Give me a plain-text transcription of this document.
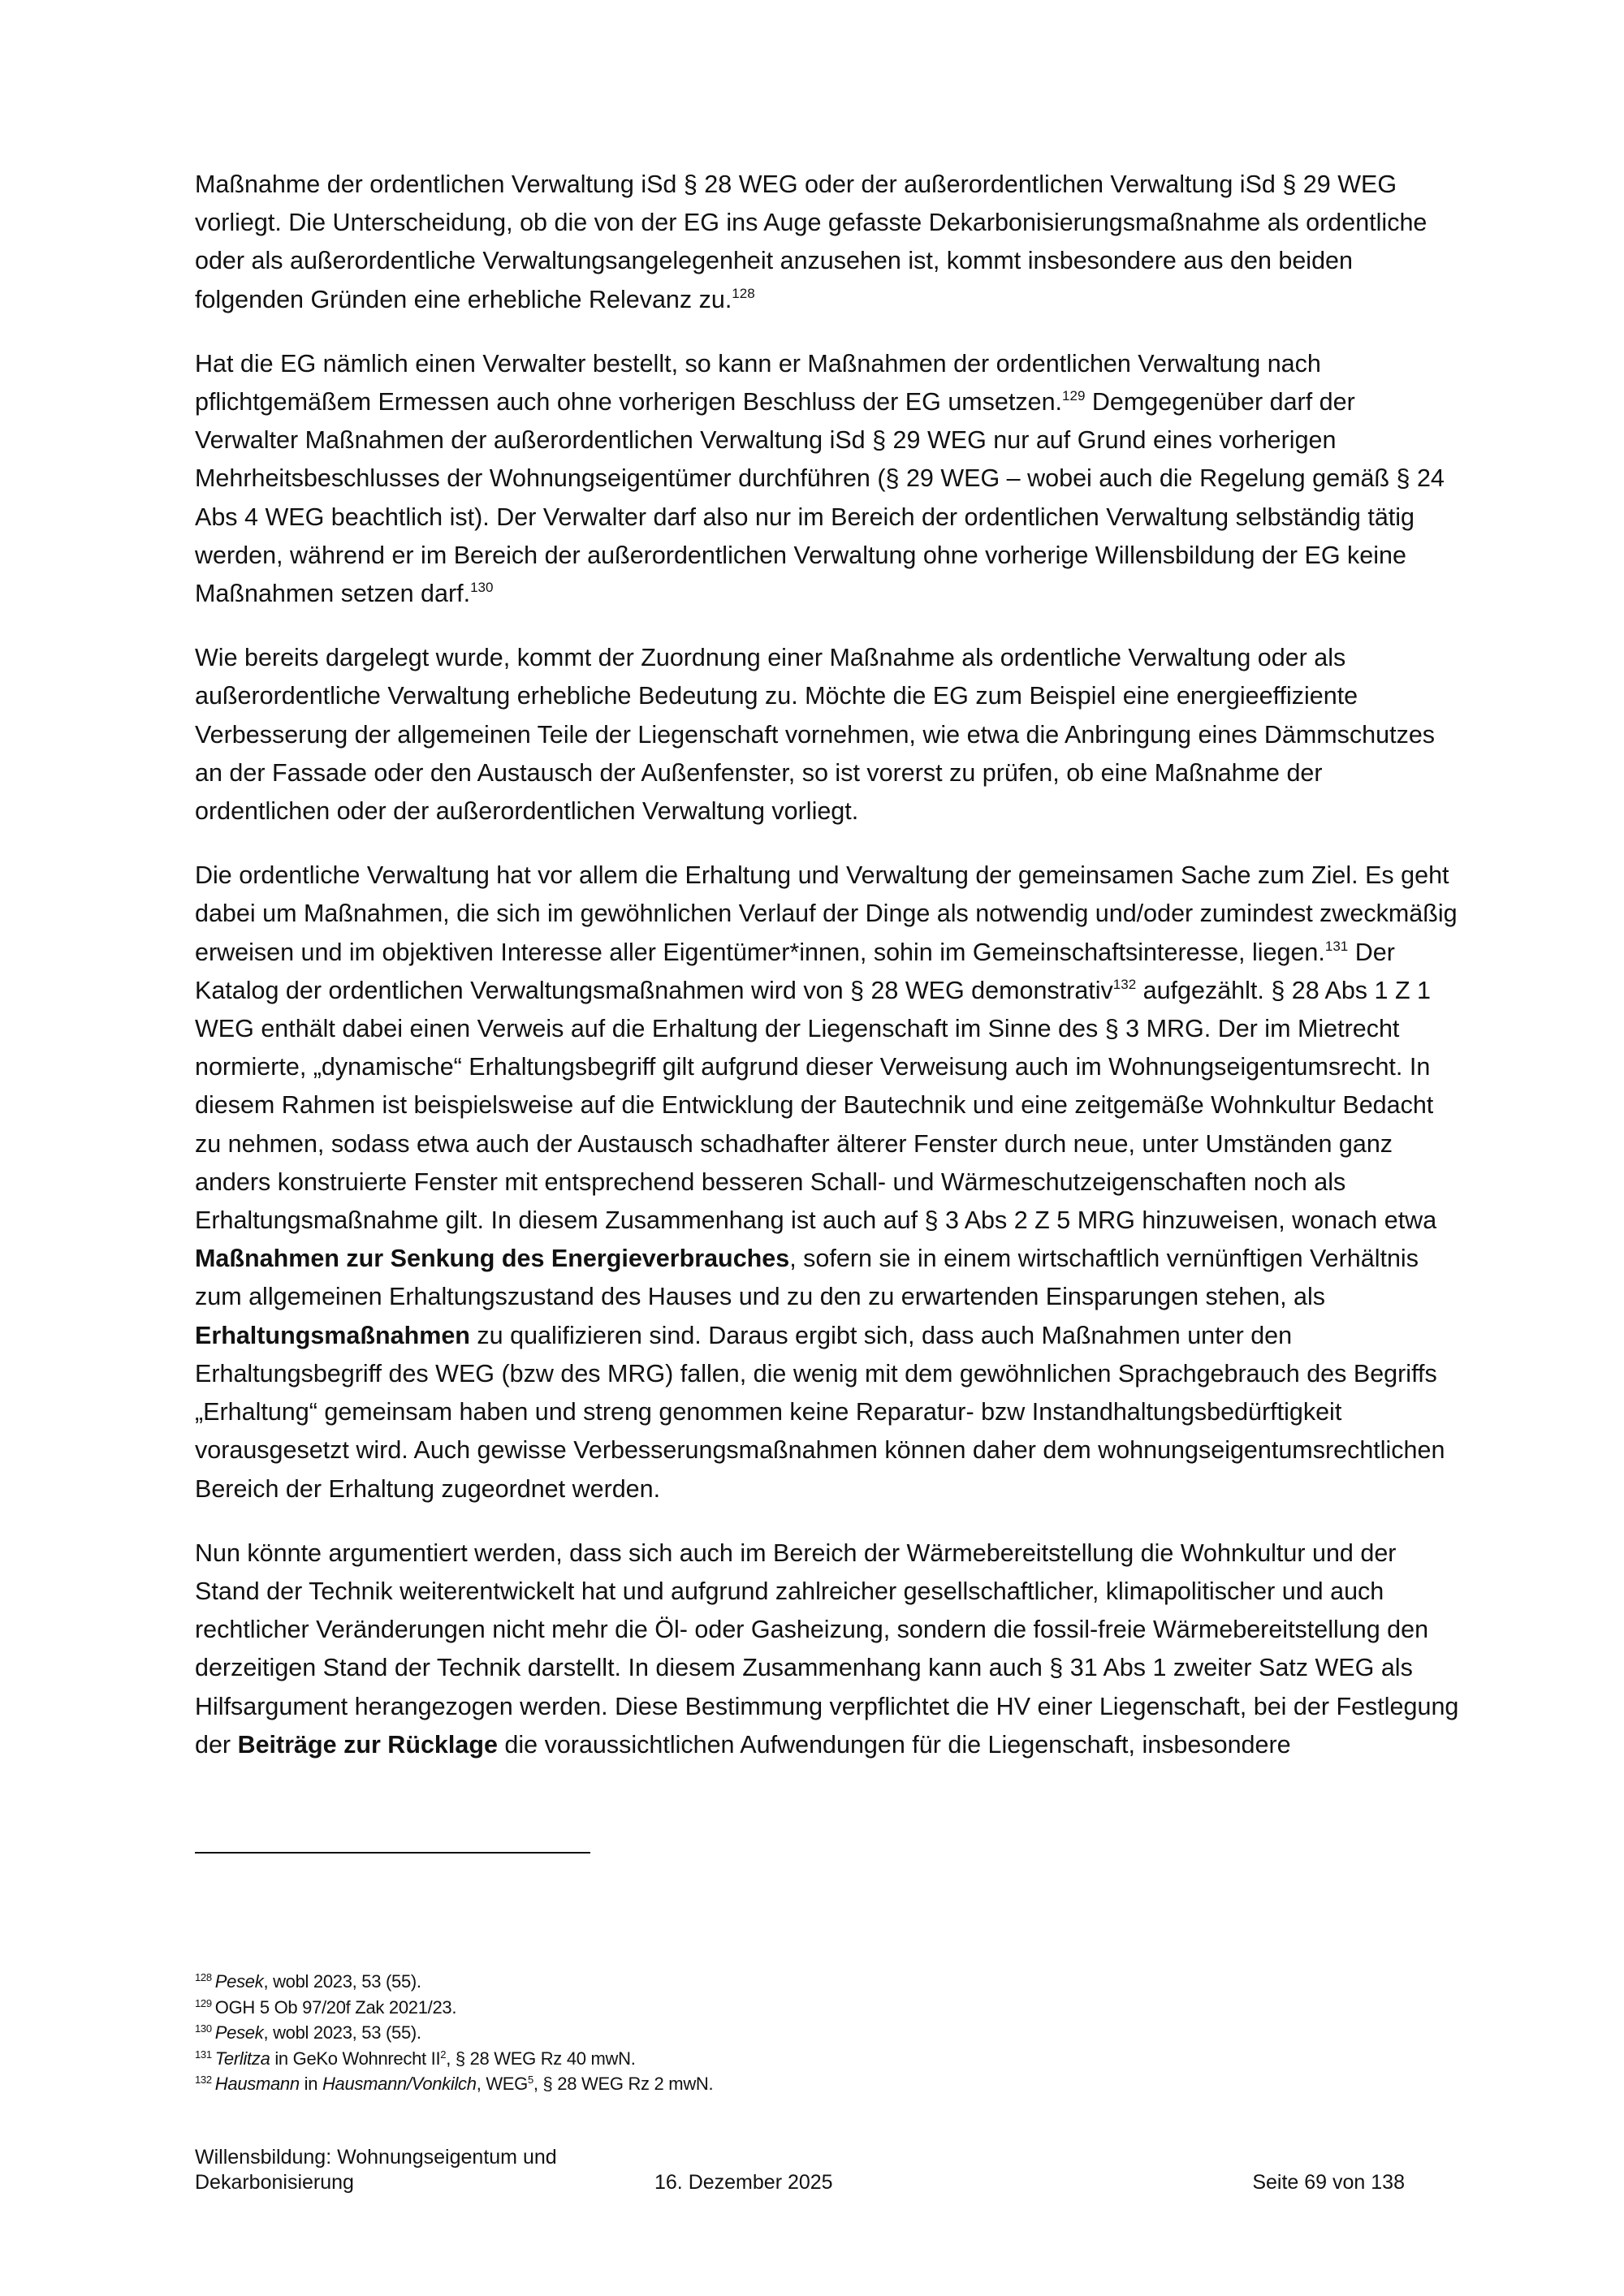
Maßnahme der ordentlichen Verwaltung iSd § 28 WEG oder der außerordentlichen Verwaltung iSd § 29 WEG vorliegt. Die Unterscheidung, ob die von der EG ins Auge gefasste Dekarbonisierungsmaßnahme als ordentliche oder als außerordentliche Verwaltungsangelegenheit anzusehen ist, kommt insbesondere aus den beiden folgenden Gründen eine erhebliche Relevanz zu.$^{128}$

Hat die EG nämlich einen Verwalter bestellt, so kann er Maßnahmen der ordentlichen Verwaltung nach pflichtgemäßem Ermessen auch ohne vorherigen Beschluss der EG umsetzen.$^{129}$ Demgegenüber darf der Verwalter Maßnahmen der außerordentlichen Verwaltung iSd § 29 WEG nur auf Grund eines vorherigen Mehrheitsbeschlusses der Wohnungseigentümer durchführen (§ 29 WEG – wobei auch die Regelung gemäß § 24 Abs 4 WEG beachtlich ist). Der Verwalter darf also nur im Bereich der ordentlichen Verwaltung selbständig tätig werden, während er im Bereich der außerordentlichen Verwaltung ohne vorherige Willensbildung der EG keine Maßnahmen setzen darf.$^{130}$

Wie bereits dargelegt wurde, kommt der Zuordnung einer Maßnahme als ordentliche Verwaltung oder als außerordentliche Verwaltung erhebliche Bedeutung zu. Möchte die EG zum Beispiel eine energieeffiziente Verbesserung der allgemeinen Teile der Liegenschaft vornehmen, wie etwa die Anbringung eines Dämmschutzes an der Fassade oder den Austausch der Außenfenster, so ist vorerst zu prüfen, ob eine Maßnahme der ordentlichen oder der außerordentlichen Verwaltung vorliegt.

Die ordentliche Verwaltung hat vor allem die Erhaltung und Verwaltung der gemeinsamen Sache zum Ziel. Es geht dabei um Maßnahmen, die sich im gewöhnlichen Verlauf der Dinge als notwendig und/oder zumindest zweckmäßig erweisen und im objektiven Interesse aller Eigentümer*innen, sohin im Gemeinschaftsinteresse, liegen.$^{131}$ Der Katalog der ordentlichen Verwaltungsmaßnahmen wird von § 28 WEG demonstrativ$^{132}$ aufgezählt. § 28 Abs 1 Z 1 WEG enthält dabei einen Verweis auf die Erhaltung der Liegenschaft im Sinne des § 3 MRG. Der im Mietrecht normierte, „dynamische“ Erhaltungsbegriff gilt aufgrund dieser Verweisung auch im Wohnungseigentumsrecht. In diesem Rahmen ist beispielsweise auf die Entwicklung der Bautechnik und eine zeitgemäße Wohnkultur Bedacht zu nehmen, sodass etwa auch der Austausch schadhafter älterer Fenster durch neue, unter Umständen ganz anders konstruierte Fenster mit entsprechend besseren Schall- und Wärmeschutzeigenschaften noch als Erhaltungsmaßnahme gilt. In diesem Zusammenhang ist auch auf § 3 Abs 2 Z 5 MRG hinzuweisen, wonach etwa Maßnahmen zur Senkung des Energieverbrauches, sofern sie in einem wirtschaftlich vernünftigen Verhältnis zum allgemeinen Erhaltungszustand des Hauses und zu den zu erwartenden Einsparungen stehen, als Erhaltungsmaßnahmen zu qualifizieren sind. Daraus ergibt sich, dass auch Maßnahmen unter den Erhaltungsbegriff des WEG (bzw des MRG) fallen, die wenig mit dem gewöhnlichen Sprachgebrauch des Begriffs „Erhaltung“ gemeinsam haben und streng genommen keine Reparatur- bzw Instandhaltungsbedürftigkeit vorausgesetzt wird. Auch gewisse Verbesserungsmaßnahmen können daher dem wohnungseigentumsrechtlichen Bereich der Erhaltung zugeordnet werden.

Nun könnte argumentiert werden, dass sich auch im Bereich der Wärmebereitstellung die Wohnkultur und der Stand der Technik weiterentwickelt hat und aufgrund zahlreicher gesellschaftlicher, klimapolitischer und auch rechtlicher Veränderungen nicht mehr die Öl- oder Gasheizung, sondern die fossil-freie Wärmebereitstellung den derzeitigen Stand der Technik darstellt. In diesem Zusammenhang kann auch § 31 Abs 1 zweiter Satz WEG als Hilfsargument herangezogen werden. Diese Bestimmung verpflichtet die HV einer Liegenschaft, bei der Festlegung der Beiträge zur Rücklage die voraussichtlichen Aufwendungen für die Liegenschaft, insbesondere

$^{128}$ Pesek, wobl 2023, 53 (55).
$^{129}$ OGH 5 Ob 97/20f Zak 2021/23.
$^{130}$ Pesek, wobl 2023, 53 (55).
$^{131}$ Terlitza in GeKo Wohnrecht II$^2$, § 28 WEG Rz 40 mwN.
$^{132}$ Hausmann in Hausmann/Vonkilch, WEG$^5$, § 28 WEG Rz 2 mwN.
Willensbildung: Wohnungseigentum und
Dekarbonisierung	16. Dezember 2025	Seite 69 von 138
